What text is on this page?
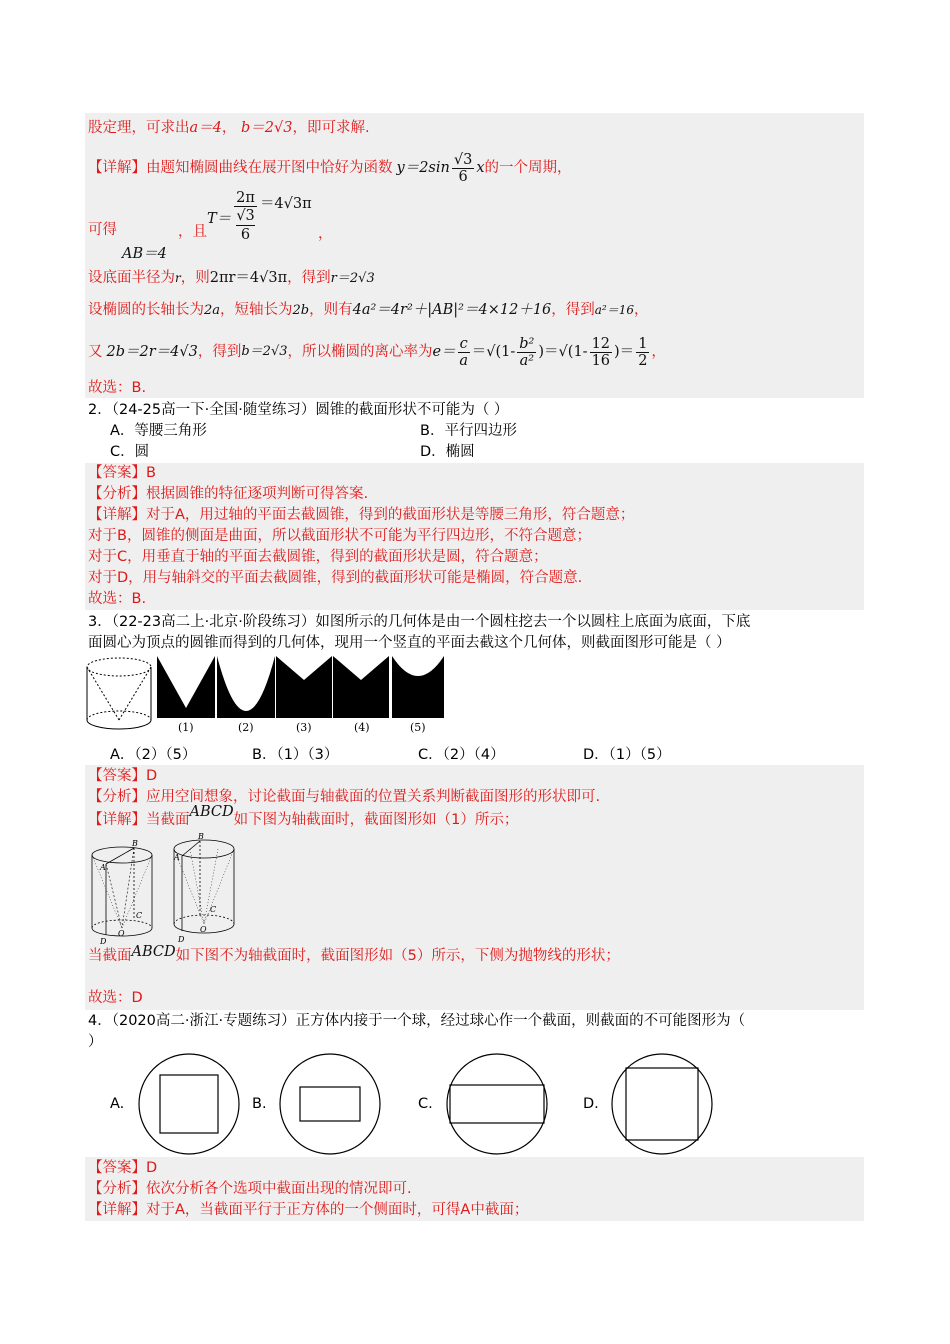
股定理，可求出a＝4， b＝2√3，即可求解.
【详解】 由题知椭圆曲线在展开图中恰好为函数 $y=2\sin \frac{√3}{6}$ x 的一个周期，
可得
AB＝4
，且
T＝ 2π
√3
6 ＝4√3π
，
设底面半径为r，则2πr＝4√3π，得到r＝2√3
设椭圆的长轴长为2a，短轴长为2b，则有4a²＝4r²＋|AB|²＝4×12＋16，得到a²＝16，
又 2b＝2r＝4√3 ，得到 b＝2√3 ，所以椭圆的离心率为 $e= \frac{c}{a}$ ＝√( $1- \frac{\text{b²}}{\text{a²}}$ )＝√( $1- \frac{12}{16}$ )＝ $\frac{1}{2}$ ，
故选：B.
2．（24-25高一下·全国·随堂练习）圆锥的截面形状不可能为（ ）
A．等腰三角形	B．平行四边形
C．圆	D．椭圆
【答案】B
【分析】根据圆锥的特征逐项判断可得答案.
【详解】对于A，用过轴的平面去截圆锥，得到的截面形状是等腰三角形，符合题意；
对于B，圆锥的侧面是曲面，所以截面形状不可能为平行四边形，不符合题意；
对于C，用垂直于轴的平面去截圆锥，得到的截面形状是圆，符合题意；
对于D，用与轴斜交的平面去截圆锥，得到的截面形状可能是椭圆，符合题意.
故选：B.
3．（22-23高二上·北京·阶段练习）如图所示的几何体是由一个圆柱挖去一个以圆柱上底面为底面，下底
面圆心为顶点的圆锥而得到的几何体，现用一个竖直的平面去截这个几何体，则截面图形可能是（ ）
(1)	(2)	(3)	(4)	(5)
A．（2）（5）	B．（1）（3）	C．（2）（4）	D．（1）（5）
【答案】D
【分析】应用空间想象，讨论截面与轴截面的位置关系判断截面图形的形状即可.
【详解】当截面ABCD如下图为轴截面时，截面图形如（1）所示；
A
B
C
D
O
A
B
C
D
O
当截面ABCD如下图不为轴截面时，截面图形如（5）所示，下侧为抛物线的形状；
故选：D
4．（2020高二·浙江·专题练习）正方体内接于一个球，经过球心作一个截面，则截面的不可能图形为（
）
A.	B.	C.	D.
【答案】D
【分析】依次分析各个选项中截面出现的情况即可.
【详解】对于A，当截面平行于正方体的一个侧面时，可得A中截面；
